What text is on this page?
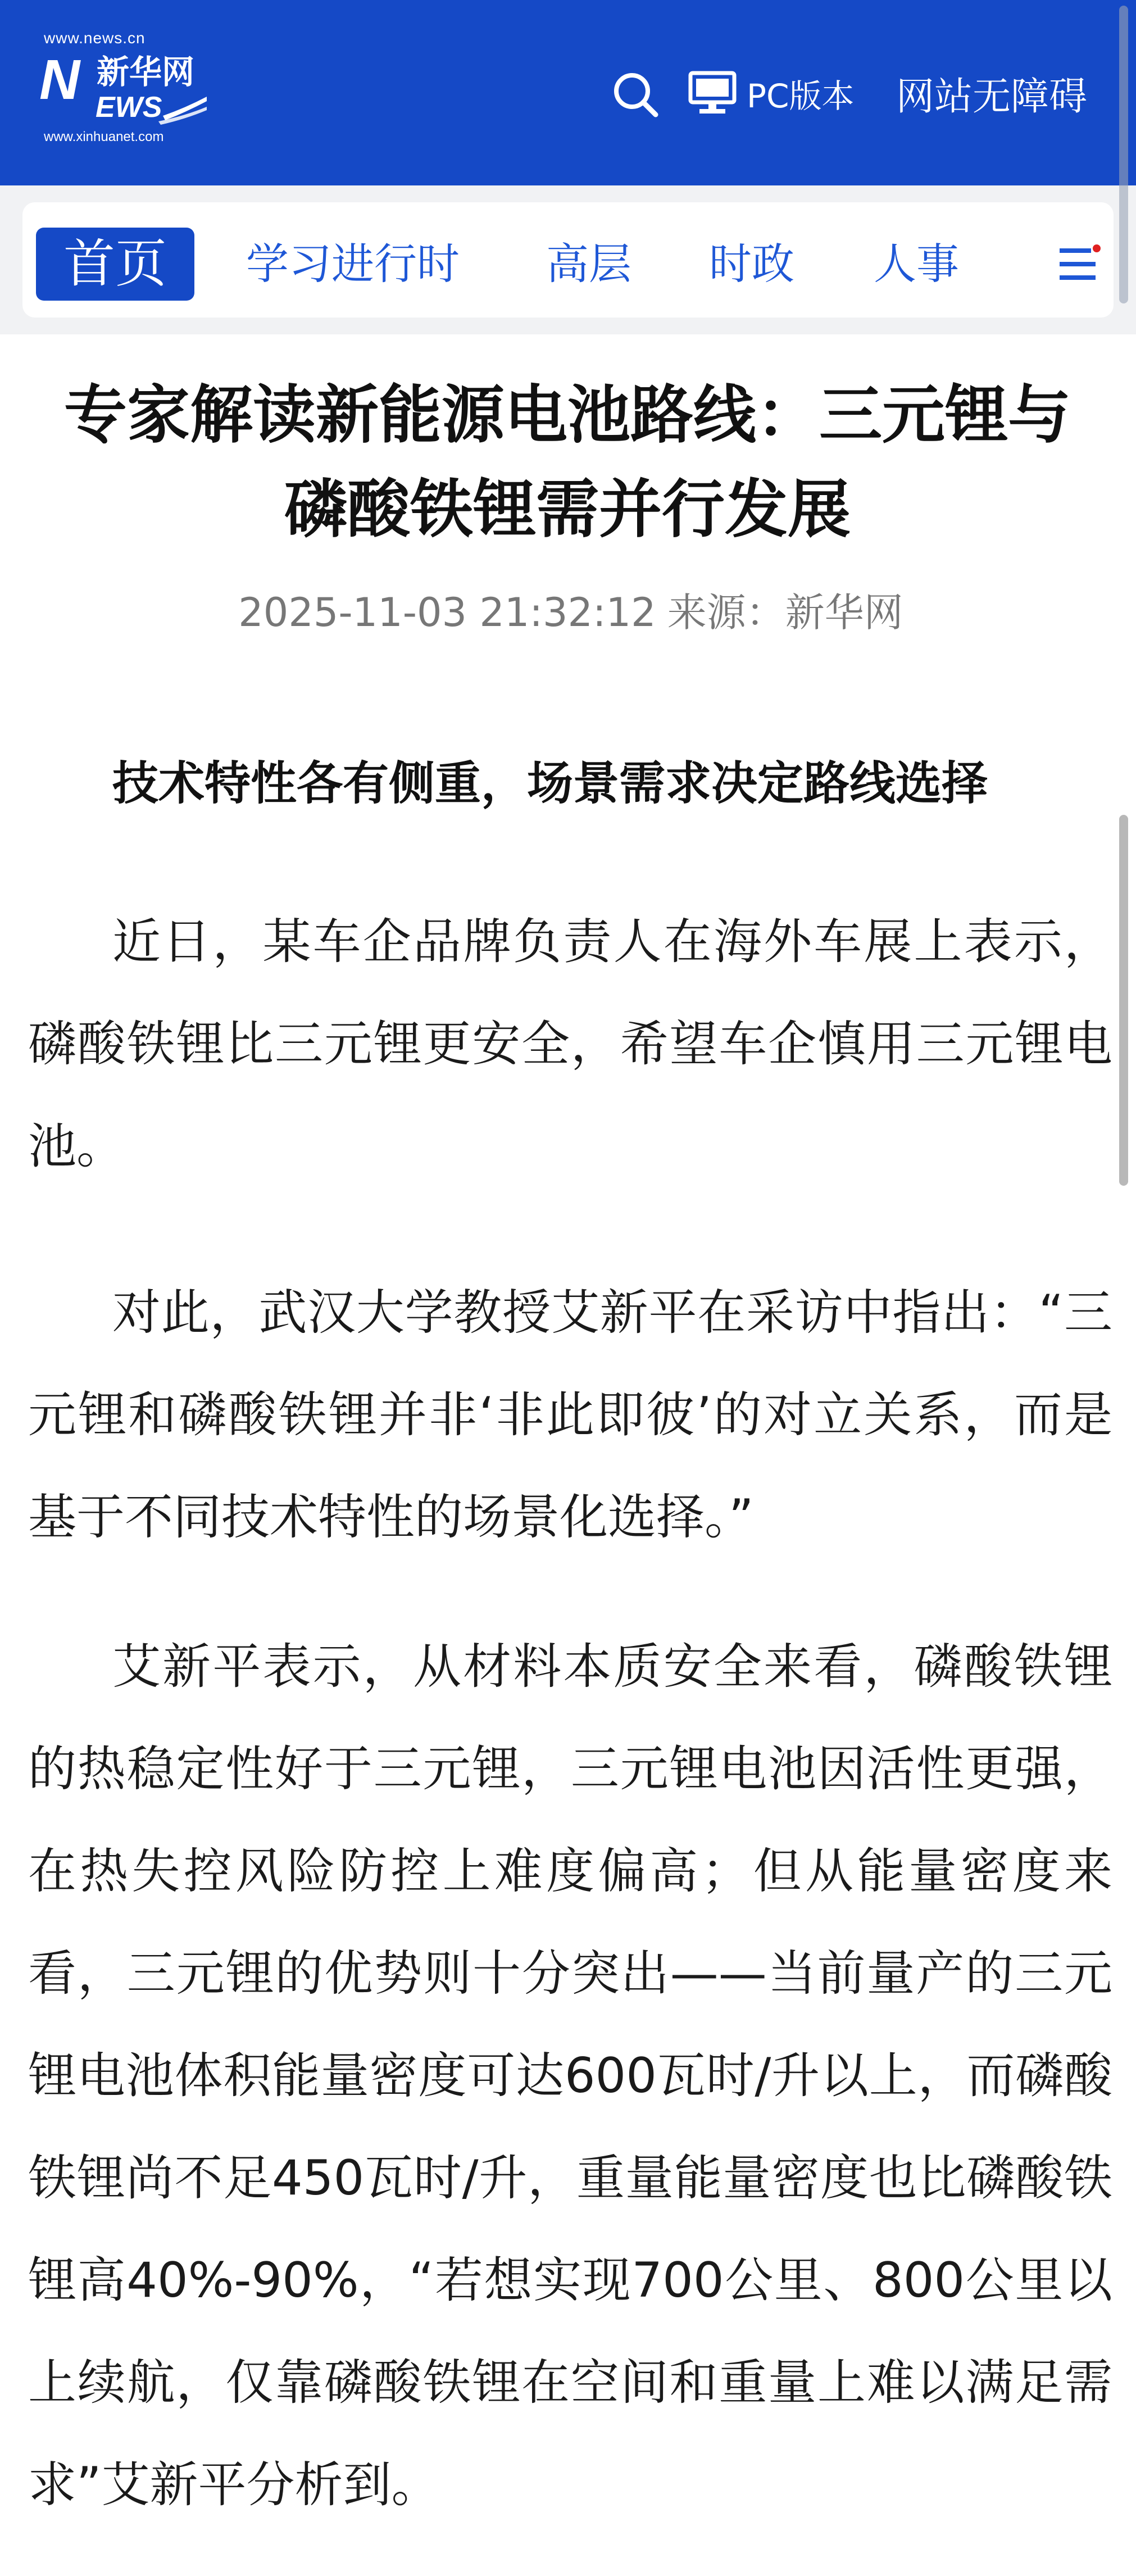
www.news.cn
N 新华网
EWS
www.xinhuanet.com
PC版本 网站无障碍
首页	学习进行时 高层 时政 人事
专家解读新能源电池路线：三元锂与磷酸铁锂需并行发展
2025-11-03 21:32:12 来源：新华网
技术特性各有侧重，场景需求决定路线选择

近日，某车企品牌负责人在海外车展上表示，磷酸铁锂比三元锂更安全，希望车企慎用三元锂电池。

对此，武汉大学教授艾新平在采访中指出：“三元锂和磷酸铁锂并非‘非此即彼’的对立关系，而是基于不同技术特性的场景化选择。”

艾新平表示，从材料本质安全来看，磷酸铁锂的热稳定性好于三元锂，三元锂电池因活性更强，在热失控风险防控上难度偏高；但从能量密度来看，三元锂的优势则十分突出——当前量产的三元锂电池体积能量密度可达600瓦时/升以上，而磷酸铁锂尚不足450瓦时/升，重量能量密度也比磷酸铁锂高40%-90%，“若想实现700公里、800公里以上续航，仅靠磷酸铁锂在空间和重量上难以满足需求”艾新平分析到。
